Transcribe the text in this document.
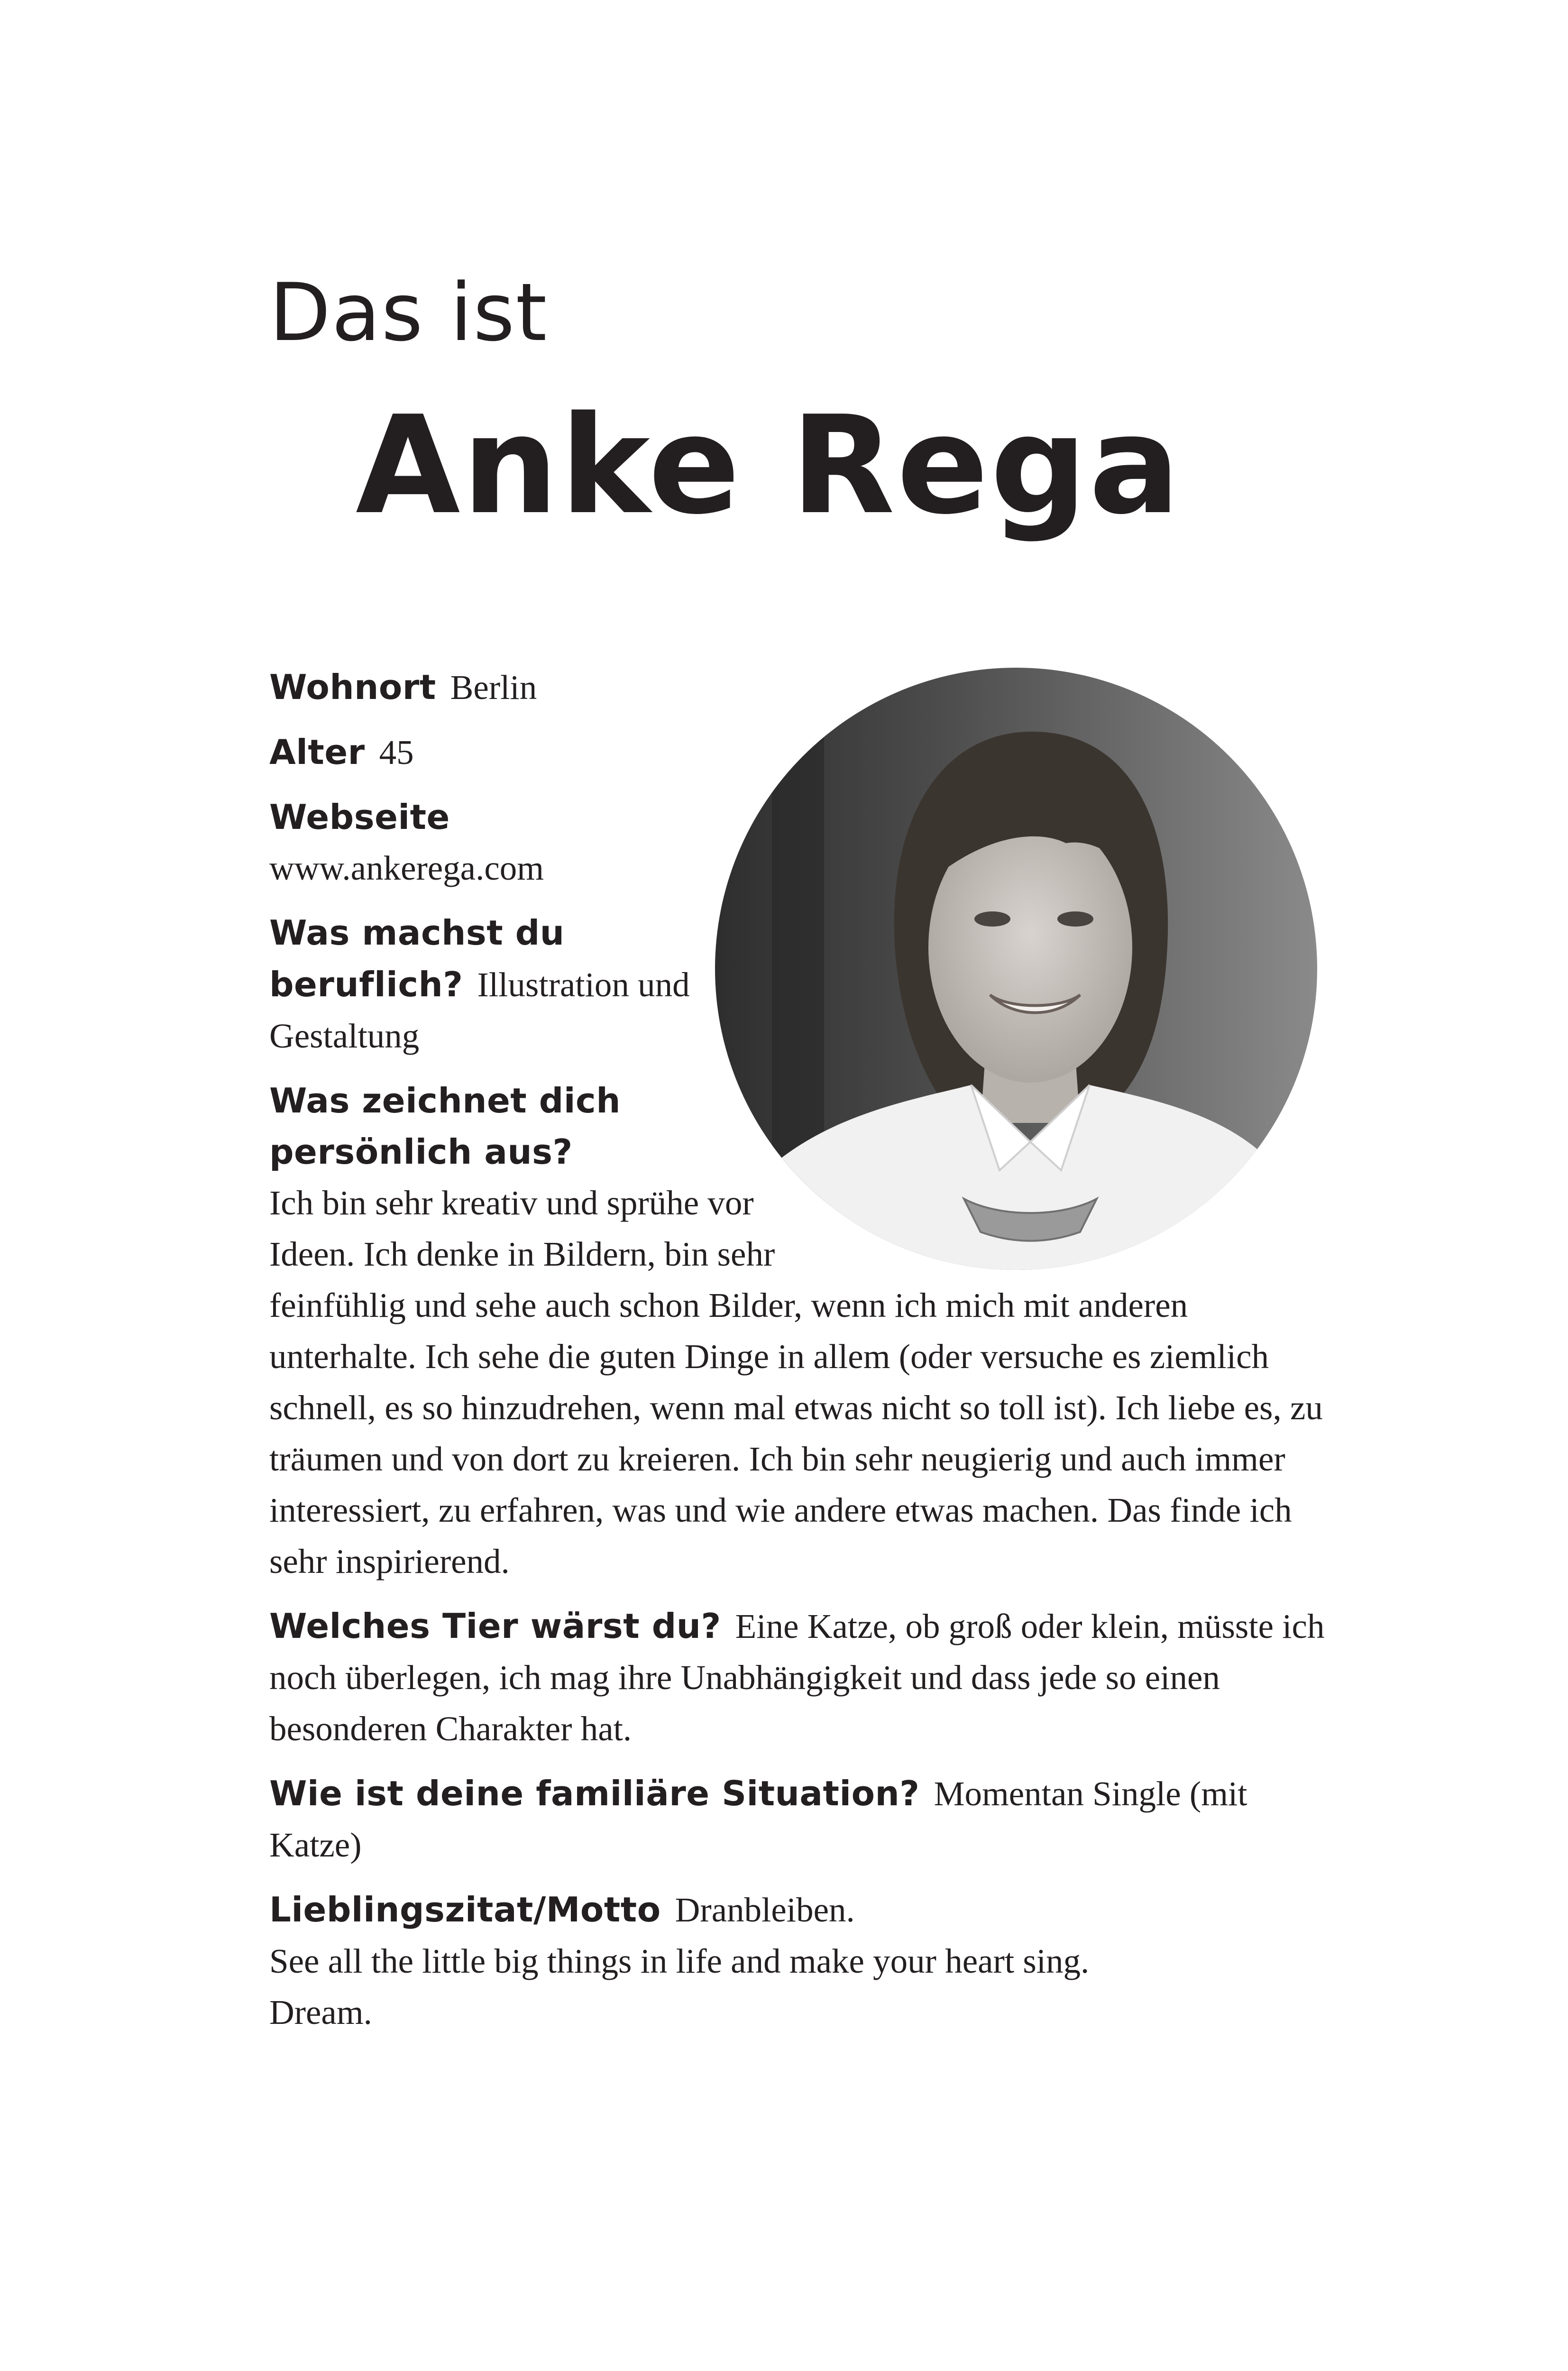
Das ist
Anke Rega

Wohnort Berlin

Alter 45

Webseite
www.ankerega.com

Was machst du beruflich? Illustration und Gestaltung

Was zeichnet dich persönlich aus?
Ich bin sehr kreativ und sprühe vor Ideen. Ich denke in Bildern, bin sehr feinfühlig und sehe auch schon Bilder, wenn ich mich mit anderen unterhalte. Ich sehe die guten Dinge in allem (oder versuche es ziemlich schnell, es so hinzudrehen, wenn mal etwas nicht so toll ist). Ich liebe es, zu träumen und von dort zu kreieren. Ich bin sehr neugierig und auch immer interessiert, zu erfahren, was und wie andere etwas machen. Das finde ich sehr inspirierend.

Welches Tier wärst du? Eine Katze, ob groß oder klein, müsste ich noch überlegen, ich mag ihre Unabhängigkeit und dass jede so einen besonderen Charakter hat.

Wie ist deine familiäre Situation? Momentan Single (mit Katze)

Lieblingszitat/Motto Dranbleiben.
See all the little big things in life and make your heart sing.
Dream.
